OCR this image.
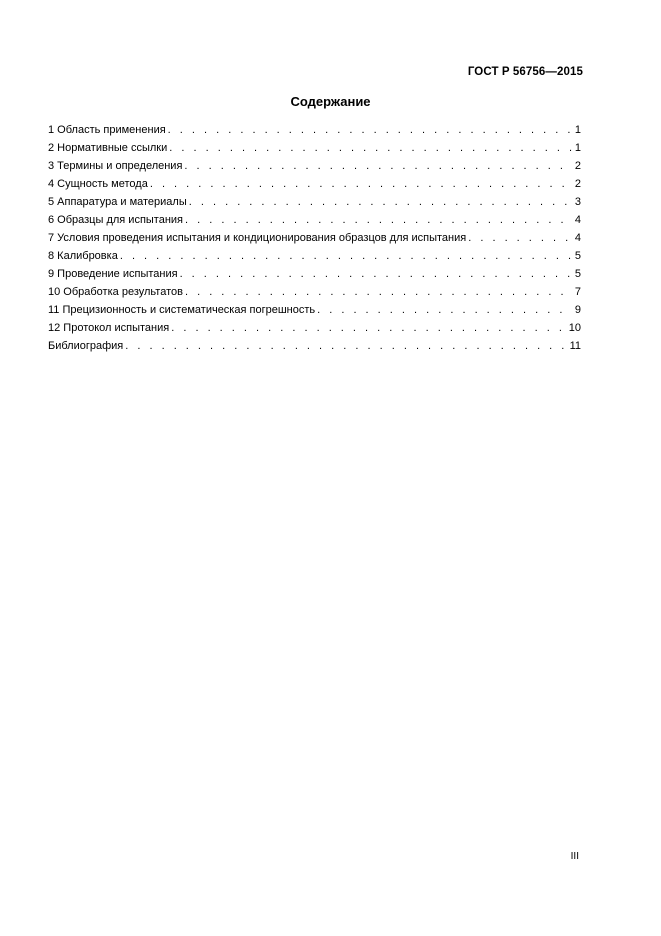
ГОСТ Р 56756—2015
Содержание
1 Область применения . . .	1
2 Нормативные ссылки . . .	1
3 Термины и определения . . .	2
4 Сущность метода . . .	2
5 Аппаратура и материалы . . .	3
6 Образцы для испытания . . .	4
7 Условия проведения испытания и кондиционирования образцов для испытания . . .	4
8 Калибровка . . .	5
9 Проведение испытания . . .	5
10 Обработка результатов . . .	7
11 Прецизионность и систематическая погрешность . . .	9
12 Протокол испытания . . .	10
Библиография . . .	11
III
